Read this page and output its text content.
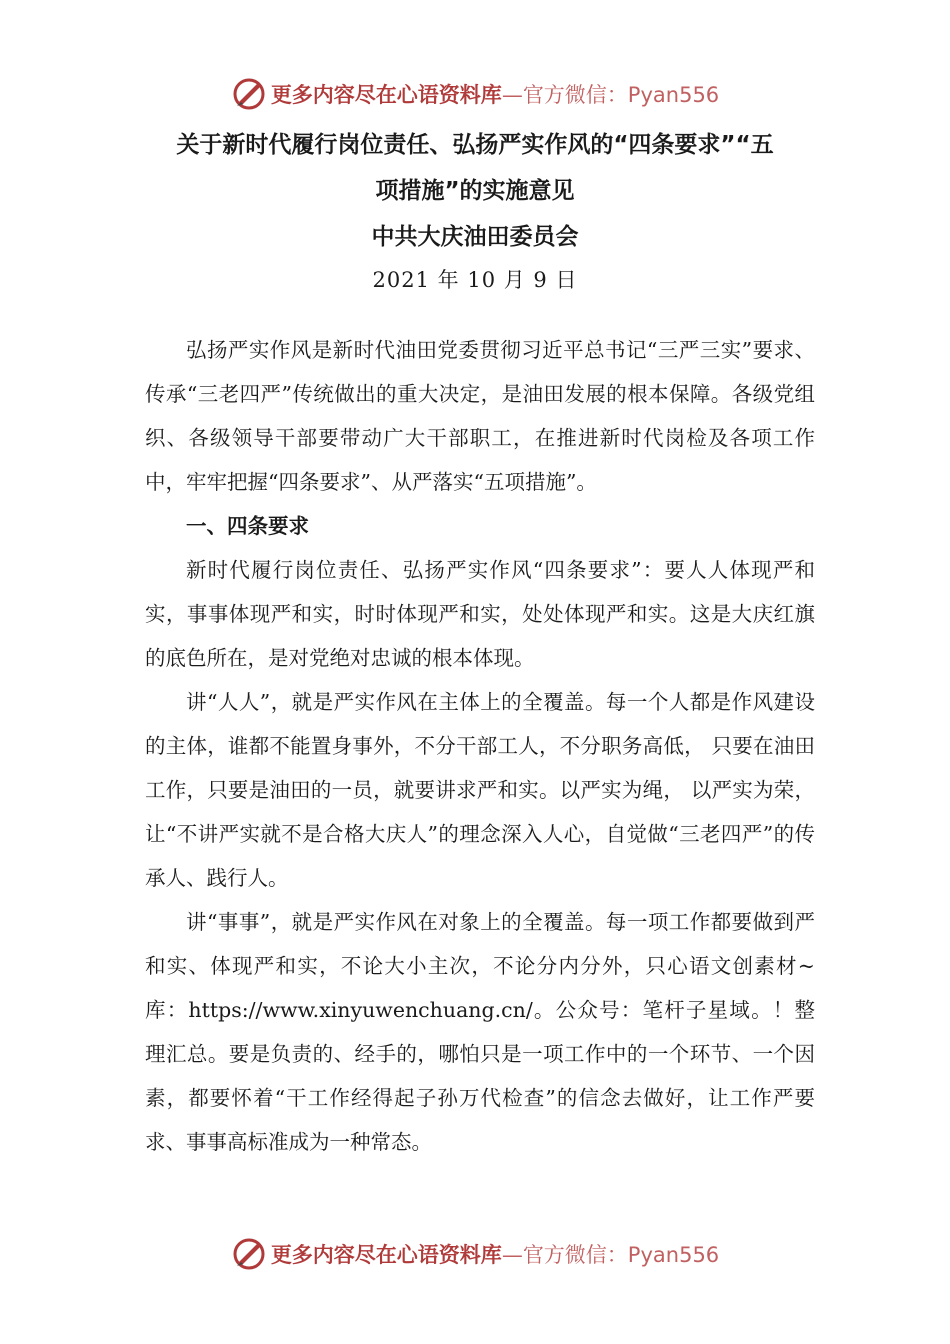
更多内容尽在心语资料库—官方微信：Pyan556
关于新时代履行岗位责任、弘扬严实作风的“四条要求”“五
项措施”的实施意见
中共大庆油田委员会
2021 年 10 月 9 日

弘扬严实作风是新时代油田党委贯彻习近平总书记“三严三实”要求、传承“三老四严”传统做出的重大决定，是油田发展的根本保障。各级党组织、各级领导干部要带动广大干部职工，在推进新时代岗检及各项工作中，牢牢把握“四条要求”、从严落实“五项措施”。

一、四条要求

新时代履行岗位责任、弘扬严实作风“四条要求”：要人人体现严和实，事事体现严和实，时时体现严和实，处处体现严和实。这是大庆红旗的底色所在，是对党绝对忠诚的根本体现。

讲“人人”，就是严实作风在主体上的全覆盖。每一个人都是作风建设的主体，谁都不能置身事外，不分干部工人，不分职务高低， 只要在油田工作，只要是油田的一员，就要讲求严和实。以严实为绳， 以严实为荣，让“不讲严实就不是合格大庆人”的理念深入人心，自觉做“三老四严”的传承人、践行人。

讲“事事”，就是严实作风在对象上的全覆盖。每一项工作都要做到严和实、体现严和实，不论大小主次，不论分内分外，只心语文创素材~库：https://www.xinyuwenchuang.cn/。公众号：笔杆子星域。！整理汇总。要是负责的、经手的，哪怕只是一项工作中的一个环节、一个因素，都要怀着“干工作经得起子孙万代检查”的信念去做好，让工作严要求、事事高标准成为一种常态。

更多内容尽在心语资料库—官方微信：Pyan556
